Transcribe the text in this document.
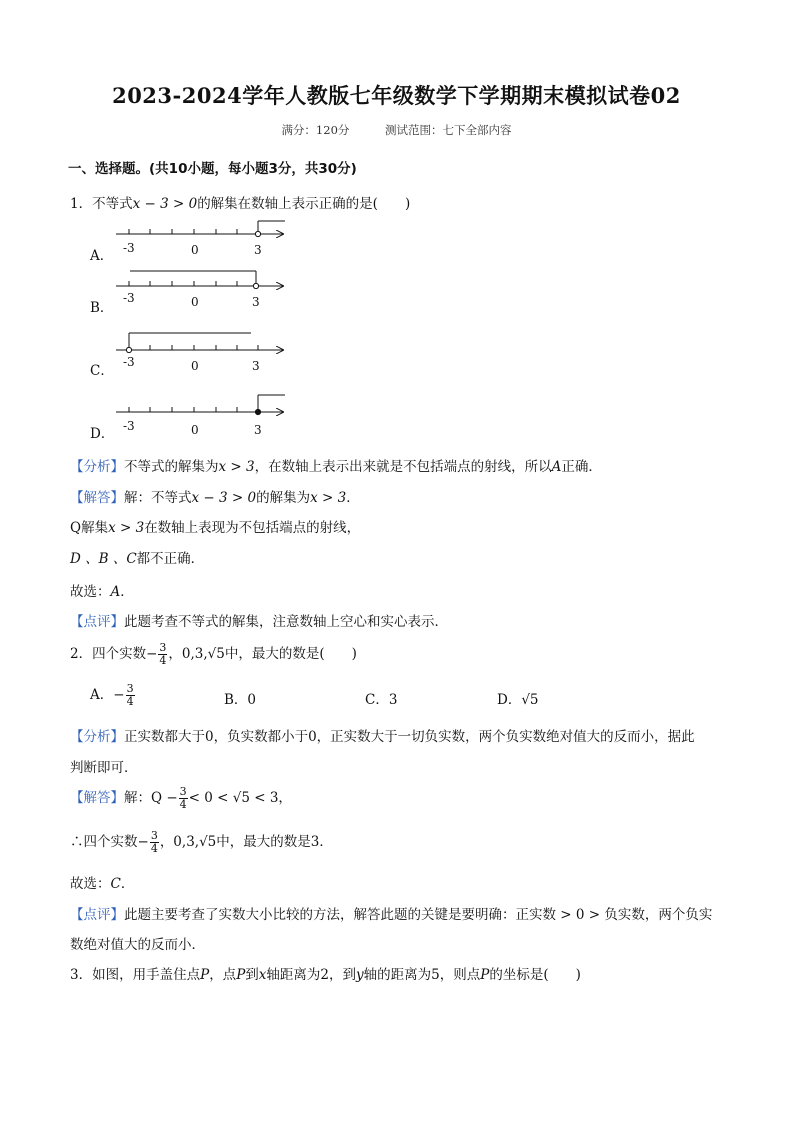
2023-2024学年人教版七年级数学下学期期末模拟试卷02
满分：120分	测试范围：七下全部内容
一、选择题。(共10小题，每小题3分，共30分)
1．不等式x − 3 > 0的解集在数轴上表示正确的是(　　)
A．
B．
C．
D．
-3	0	3
-3	0	3
-3	0	3
-3	0	3
【分析】不等式的解集为x > 3，在数轴上表示出来就是不包括端点的射线，所以A正确．
【解答】解：不等式x − 3 > 0的解集为x > 3．
Q解集x > 3在数轴上表现为不包括端点的射线，
D 、B 、C都不正确．
故选：A．
【点评】此题考查不等式的解集，注意数轴上空心和实心表示．
2．四个实数− $\frac{3}{4}$ ，0,3,√5中，最大的数是(　　)
A．− $\frac{3}{4}$	B．0	C．3	D．√5
【分析】正实数都大于0，负实数都小于0，正实数大于一切负实数，两个负实数绝对值大的反而小，据此
判断即可．
【解答】解：$Q - \frac{3}{4} < 0 < √5 < 3$，
∴四个实数− $\frac{3}{4}$ ，0,3,√5中，最大的数是3．
故选：C．
【点评】此题主要考查了实数大小比较的方法，解答此题的关键是要明确：正实数 > 0 > 负实数，两个负实
数绝对值大的反而小．
3．如图，用手盖住点P，点P到x轴距离为2，到y轴的距离为5，则点P的坐标是(　　)
